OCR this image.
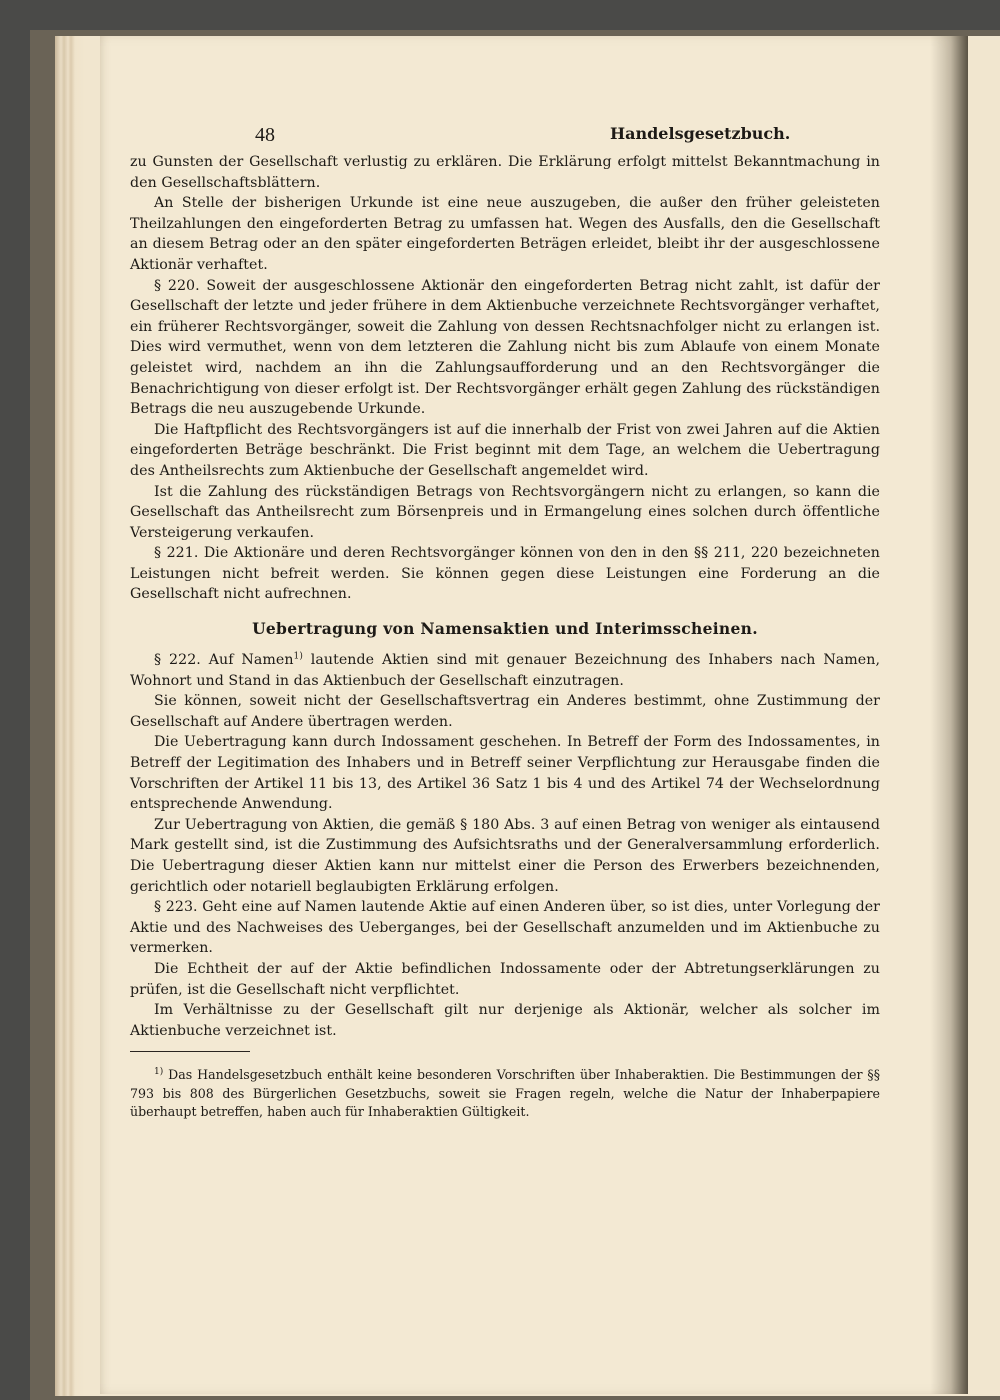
48	Handelsgesetzbuch.

zu Gunsten der Gesellschaft verlustig zu erklären. Die Erklärung erfolgt mittelst Bekanntmachung in den Gesellschaftsblättern.

An Stelle der bisherigen Urkunde ist eine neue auszugeben, die außer den früher geleisteten Theilzahlungen den eingeforderten Betrag zu umfassen hat. Wegen des Ausfalls, den die Gesellschaft an diesem Betrag oder an den später eingeforderten Beträgen erleidet, bleibt ihr der ausgeschlossene Aktionär verhaftet.

§ 220. Soweit der ausgeschlossene Aktionär den eingeforderten Betrag nicht zahlt, ist dafür der Gesellschaft der letzte und jeder frühere in dem Aktienbuche verzeichnete Rechtsvorgänger verhaftet, ein früherer Rechtsvorgänger, soweit die Zahlung von dessen Rechtsnachfolger nicht zu erlangen ist. Dies wird vermuthet, wenn von dem letzteren die Zahlung nicht bis zum Ablaufe von einem Monate geleistet wird, nachdem an ihn die Zahlungsaufforderung und an den Rechtsvorgänger die Benachrichtigung von dieser erfolgt ist. Der Rechtsvorgänger erhält gegen Zahlung des rückständigen Betrags die neu auszugebende Urkunde.

Die Haftpflicht des Rechtsvorgängers ist auf die innerhalb der Frist von zwei Jahren auf die Aktien eingeforderten Beträge beschränkt. Die Frist beginnt mit dem Tage, an welchem die Uebertragung des Antheilsrechts zum Aktienbuche der Gesellschaft angemeldet wird.

Ist die Zahlung des rückständigen Betrags von Rechtsvorgängern nicht zu erlangen, so kann die Gesellschaft das Antheilsrecht zum Börsenpreis und in Ermangelung eines solchen durch öffentliche Versteigerung verkaufen.

§ 221. Die Aktionäre und deren Rechtsvorgänger können von den in den §§ 211, 220 bezeichneten Leistungen nicht befreit werden. Sie können gegen diese Leistungen eine Forderung an die Gesellschaft nicht aufrechnen.

Uebertragung von Namensaktien und Interimsscheinen.

§ 222. Auf Namen$^{1)}$ lautende Aktien sind mit genauer Bezeichnung des Inhabers nach Namen, Wohnort und Stand in das Aktienbuch der Gesellschaft einzutragen.

Sie können, soweit nicht der Gesellschaftsvertrag ein Anderes bestimmt, ohne Zustimmung der Gesellschaft auf Andere übertragen werden.

Die Uebertragung kann durch Indossament geschehen. In Betreff der Form des Indossamentes, in Betreff der Legitimation des Inhabers und in Betreff seiner Verpflichtung zur Herausgabe finden die Vorschriften der Artikel 11 bis 13, des Artikel 36 Satz 1 bis 4 und des Artikel 74 der Wechselordnung entsprechende Anwendung.

Zur Uebertragung von Aktien, die gemäß § 180 Abs. 3 auf einen Betrag von weniger als eintausend Mark gestellt sind, ist die Zustimmung des Aufsichtsraths und der Generalversammlung erforderlich. Die Uebertragung dieser Aktien kann nur mittelst einer die Person des Erwerbers bezeichnenden, gerichtlich oder notariell beglaubigten Erklärung erfolgen.

§ 223. Geht eine auf Namen lautende Aktie auf einen Anderen über, so ist dies, unter Vorlegung der Aktie und des Nachweises des Ueberganges, bei der Gesellschaft anzumelden und im Aktienbuche zu vermerken.

Die Echtheit der auf der Aktie befindlichen Indossamente oder der Abtretungserklärungen zu prüfen, ist die Gesellschaft nicht verpflichtet.

Im Verhältnisse zu der Gesellschaft gilt nur derjenige als Aktionär, welcher als solcher im Aktienbuche verzeichnet ist.

$^{1)}$ Das Handelsgesetzbuch enthält keine besonderen Vorschriften über Inhaberaktien. Die Bestimmungen der §§ 793 bis 808 des Bürgerlichen Gesetzbuchs, soweit sie Fragen regeln, welche die Natur der Inhaberpapiere überhaupt betreffen, haben auch für Inhaberaktien Gültigkeit.
